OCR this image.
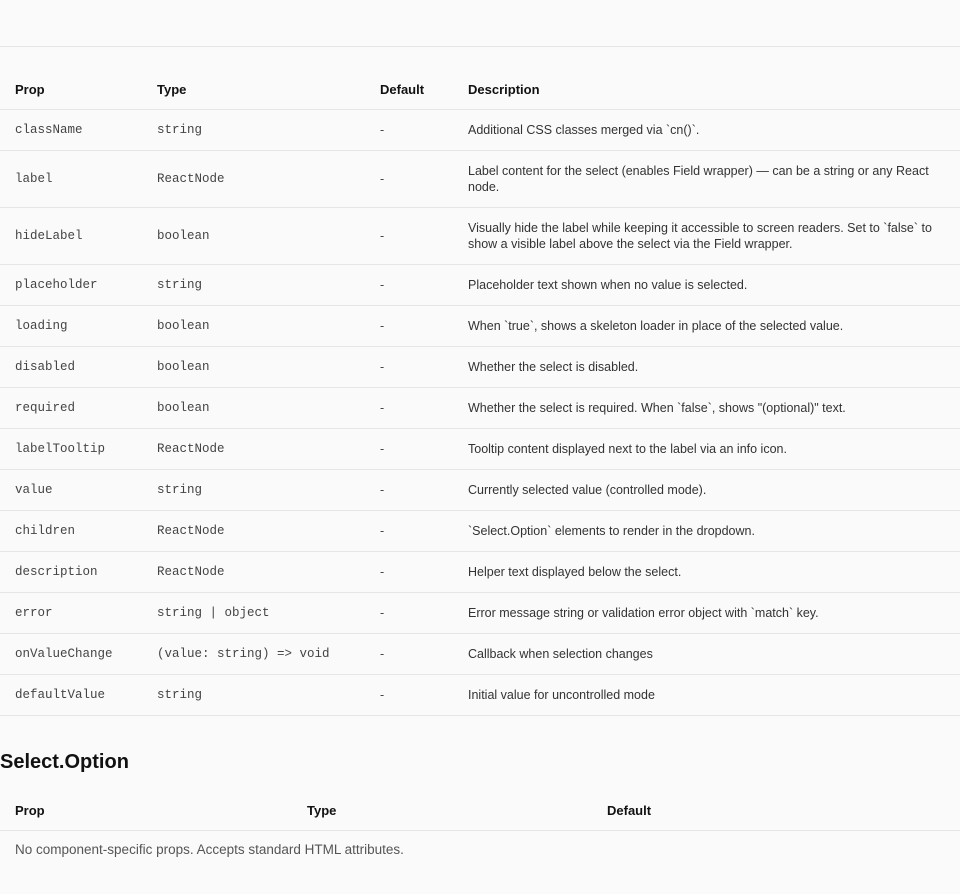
Prop	Type	Default	Description
className	string	-	Additional CSS classes merged via `cn()`.
label	ReactNode	-	Label content for the select (enables Field wrapper) — can be a string or any React node.
hideLabel	boolean	-	Visually hide the label while keeping it accessible to screen readers. Set to `false` to show a visible label above the select via the Field wrapper.
placeholder	string	-	Placeholder text shown when no value is selected.
loading	boolean	-	When `true`, shows a skeleton loader in place of the selected value.
disabled	boolean	-	Whether the select is disabled.
required	boolean	-	Whether the select is required. When `false`, shows "(optional)" text.
labelTooltip	ReactNode	-	Tooltip content displayed next to the label via an info icon.
value	string	-	Currently selected value (controlled mode).
children	ReactNode	-	`Select.Option` elements to render in the dropdown.
description	ReactNode	-	Helper text displayed below the select.
error	string | object	-	Error message string or validation error object with `match` key.
onValueChange	(value: string) => void	-	Callback when selection changes
defaultValue	string	-	Initial value for uncontrolled mode
Select.Option
Prop	Type	Default
No component-specific props. Accepts standard HTML attributes.
